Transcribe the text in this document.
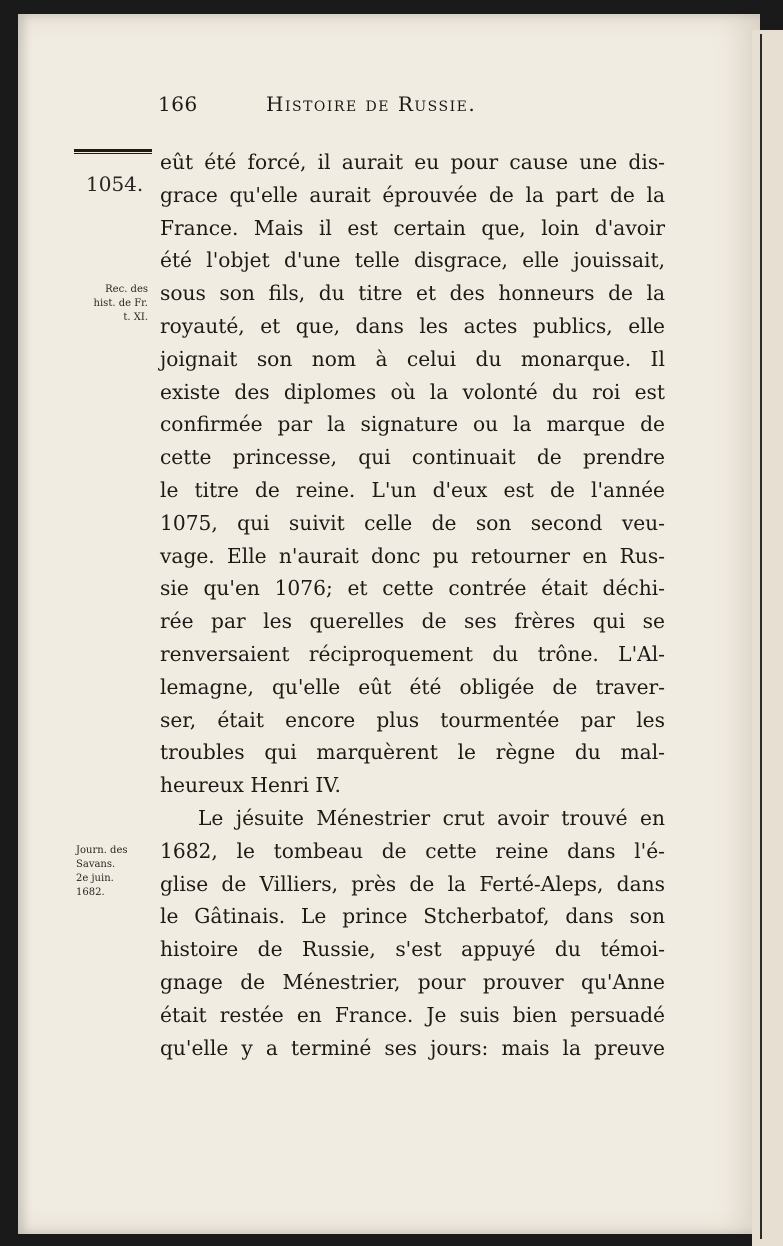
166	Histoire de Russie.
1054.
Rec. des
hist. de Fr.
t. XI.
Journ. des
Savans.
2e juin.
1682.
eût été forcé, il aurait eu pour cause une dis-
grace qu'elle aurait éprouvée de la part de la
France. Mais il est certain que, loin d'avoir
été l'objet d'une telle disgrace, elle jouissait,
sous son fils, du titre et des honneurs de la
royauté, et que, dans les actes publics, elle
joignait son nom à celui du monarque. Il
existe des diplomes où la volonté du roi est
confirmée par la signature ou la marque de
cette princesse, qui continuait de prendre
le titre de reine. L'un d'eux est de l'année
1075, qui suivit celle de son second veu-
vage. Elle n'aurait donc pu retourner en Rus-
sie qu'en 1076; et cette contrée était déchi-
rée par les querelles de ses frères qui se
renversaient réciproquement du trône. L'Al-
lemagne, qu'elle eût été obligée de traver-
ser, était encore plus tourmentée par les
troubles qui marquèrent le règne du mal-
heureux Henri IV.
Le jésuite Ménestrier crut avoir trouvé en
1682, le tombeau de cette reine dans l'é-
glise de Villiers, près de la Ferté-Aleps, dans
le Gâtinais. Le prince Stcherbatof, dans son
histoire de Russie, s'est appuyé du témoi-
gnage de Ménestrier, pour prouver qu'Anne
était restée en France. Je suis bien persuadé
qu'elle y a terminé ses jours: mais la preuve
